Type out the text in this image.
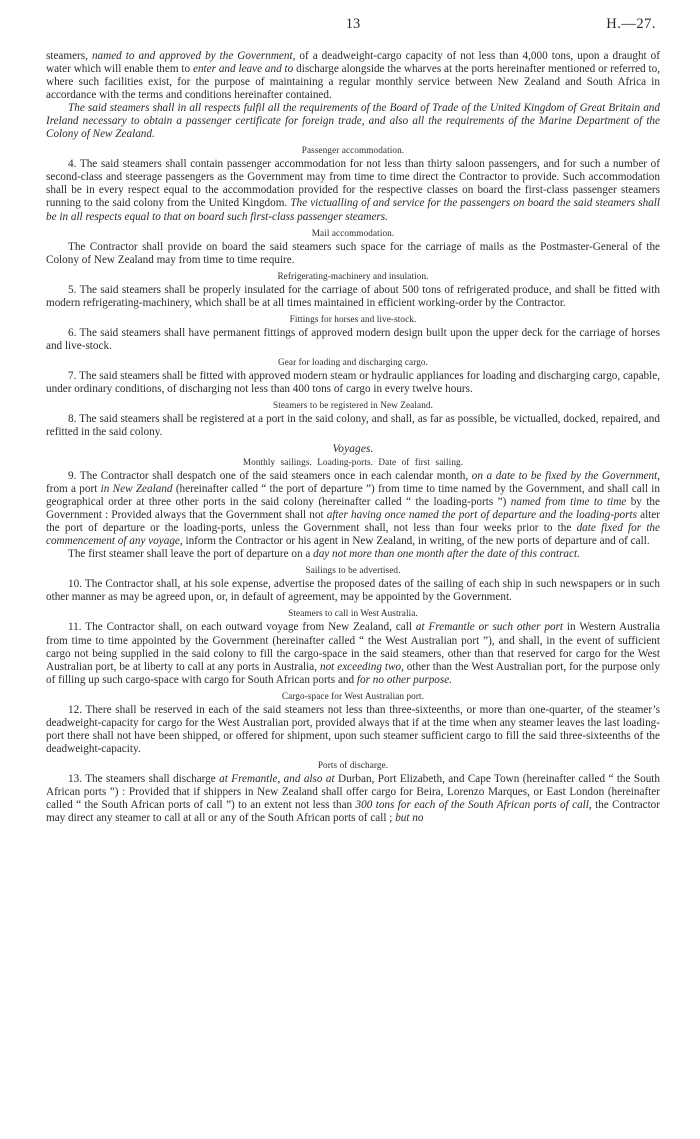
13	H.—27.

steamers, named to and approved by the Government, of a deadweight-cargo capacity of not less than 4,000 tons, upon a draught of water which will enable them to enter and leave and to discharge alongside the wharves at the ports hereinafter mentioned or referred to, where such facilities exist, for the purpose of maintaining a regular monthly service between New Zealand and South Africa in accordance with the terms and conditions hereinafter contained.

The said steamers shall in all respects fulfil all the requirements of the Board of Trade of the United Kingdom of Great Britain and Ireland necessary to obtain a passenger certificate for foreign trade, and also all the requirements of the Marine Department of the Colony of New Zealand.

Passenger accommodation.

4. The said steamers shall contain passenger accommodation for not less than thirty saloon passengers, and for such a number of second-class and steerage passengers as the Government may from time to time direct the Contractor to provide. Such accommodation shall be in every respect equal to the accommodation provided for the respective classes on board the first-class passenger steamers running to the said colony from the United Kingdom. The victualling of and service for the passengers on board the said steamers shall be in all respects equal to that on board such first-class passenger steamers.

Mail accommodation.

The Contractor shall provide on board the said steamers such space for the carriage of mails as the Postmaster-General of the Colony of New Zealand may from time to time require.

Refrigerating-machinery and insulation.

5. The said steamers shall be properly insulated for the carriage of about 500 tons of refrigerated produce, and shall be fitted with modern refrigerating-machinery, which shall be at all times maintained in efficient working-order by the Contractor.

Fittings for horses and live-stock.

6. The said steamers shall have permanent fittings of approved modern design built upon the upper deck for the carriage of horses and live-stock.

Gear for loading and discharging cargo.

7. The said steamers shall be fitted with approved modern steam or hydraulic appliances for loading and discharging cargo, capable, under ordinary conditions, of discharging not less than 400 tons of cargo in every twelve hours.

Steamers to be registered in New Zealand.

8. The said steamers shall be registered at a port in the said colony, and shall, as far as possible, be victualled, docked, repaired, and refitted in the said colony.

Voyages.
Monthly sailings. Loading-ports. Date of first sailing.

9. The Contractor shall despatch one of the said steamers once in each calendar month, on a date to be fixed by the Government, from a port in New Zealand (hereinafter called “ the port of departure ”) from time to time named by the Government, and shall call in geographical order at three other ports in the said colony (hereinafter called “ the loading-ports ”) named from time to time by the Government : Provided always that the Government shall not after having once named the port of departure and the loading-ports alter the port of departure or the loading-ports, unless the Government shall, not less than four weeks prior to the date fixed for the commencement of any voyage, inform the Contractor or his agent in New Zealand, in writing, of the new ports of departure and of call.

The first steamer shall leave the port of departure on a day not more than one month after the date of this contract.

Sailings to be advertised.

10. The Contractor shall, at his sole expense, advertise the proposed dates of the sailing of each ship in such newspapers or in such other manner as may be agreed upon, or, in default of agreement, may be appointed by the Government.

Steamers to call in West Australia.

11. The Contractor shall, on each outward voyage from New Zealand, call at Fremantle or such other port in Western Australia from time to time appointed by the Government (hereinafter called “ the West Australian port ”), and shall, in the event of sufficient cargo not being supplied in the said colony to fill the cargo-space in the said steamers, other than that reserved for cargo for the West Australian port, be at liberty to call at any ports in Australia, not exceeding two, other than the West Australian port, for the purpose only of filling up such cargo-space with cargo for South African ports and for no other purpose.

Cargo-space for West Australian port.

12. There shall be reserved in each of the said steamers not less than three-sixteenths, or more than one-quarter, of the steamer’s deadweight-capacity for cargo for the West Australian port, provided always that if at the time when any steamer leaves the last loading-port there shall not have been shipped, or offered for shipment, upon such steamer sufficient cargo to fill the said three-sixteenths of the deadweight-capacity.

Ports of discharge.

13. The steamers shall discharge at Fremantle, and also at Durban, Port Elizabeth, and Cape Town (hereinafter called “ the South African ports ”) : Provided that if shippers in New Zealand shall offer cargo for Beira, Lorenzo Marques, or East London (hereinafter called “ the South African ports of call ”) to an extent not less than 300 tons for each of the South African ports of call, the Contractor may direct any steamer to call at all or any of the South African ports of call ; but no
